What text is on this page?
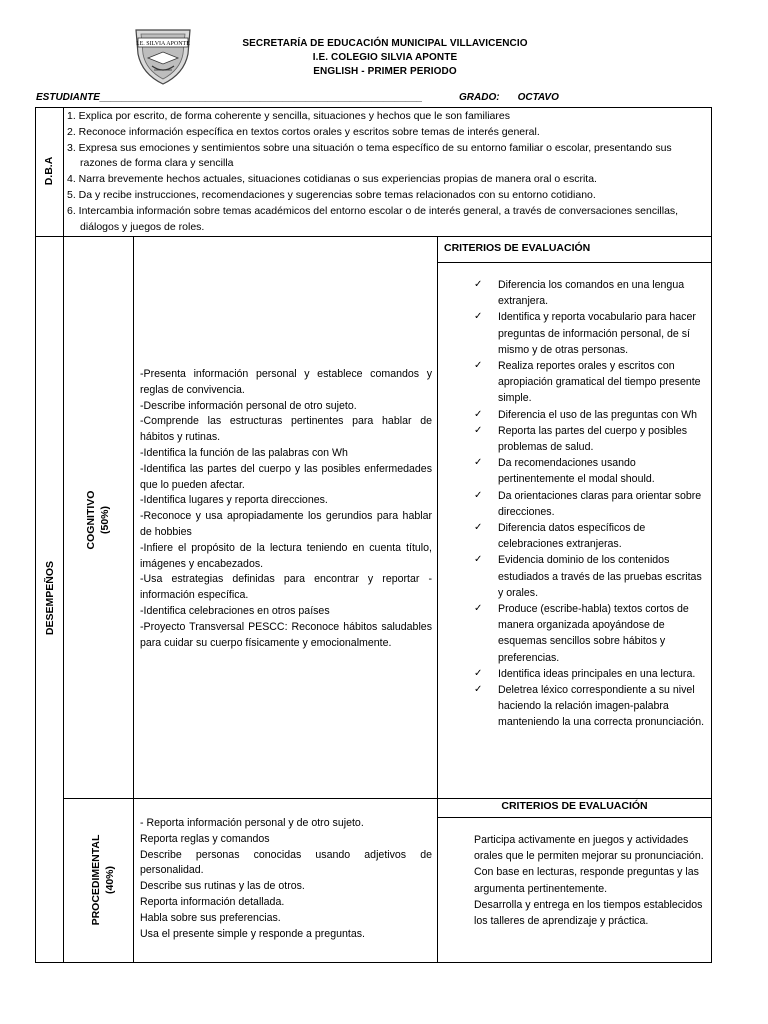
I.E. SILVIA APONTE	SECRETARÍA DE EDUCACIÓN MUNICIPAL VILLAVICENCIO
I.E. COLEGIO SILVIA APONTE
ENGLISH - PRIMER PERIODO
ESTUDIANTE__________________________________________________________	GRADO: OCTAVO
D.B.A
1. Explica por escrito, de forma coherente y sencilla, situaciones y hechos que le son familiares
2. Reconoce información específica en textos cortos orales y escritos sobre temas de interés general.
3. Expresa sus emociones y sentimientos sobre una situación o tema específico de su entorno familiar o escolar, presentando sus razones de forma clara y sencilla
4. Narra brevemente hechos actuales, situaciones cotidianas o sus experiencias propias de manera oral o escrita.
5. Da y recibe instrucciones, recomendaciones y sugerencias sobre temas relacionados con su entorno cotidiano.
6. Intercambia información sobre temas académicos del entorno escolar o de interés general, a través de conversaciones sencillas, diálogos y juegos de roles.
DESEMPEÑOS
COGNITIVO (50%)

-Presenta información personal y establece comandos y reglas de convivencia.

-Describe información personal de otro sujeto.

-Comprende las estructuras pertinentes para hablar de hábitos y rutinas.

-Identifica la función de las palabras con Wh

-Identifica las partes del cuerpo y las posibles enfermedades que lo pueden afectar.

-Identifica lugares y reporta direcciones.

-Reconoce y usa apropiadamente los gerundios para hablar de hobbies

-Infiere el propósito de la lectura teniendo en cuenta título, imágenes y encabezados.

-Usa estrategias definidas para encontrar y reportar - información específica.

-Identifica celebraciones en otros países

-Proyecto Transversal PESCC: Reconoce hábitos saludables para cuidar su cuerpo físicamente y emocionalmente.

CRITERIOS DE EVALUACIÓN
✓ Diferencia los comandos en una lengua extranjera.
✓ Identifica y reporta vocabulario para hacer preguntas de información personal, de sí mismo y de otras personas.
✓ Realiza reportes orales y escritos con apropiación gramatical del tiempo presente simple.
✓ Diferencia el uso de las preguntas con Wh
✓ Reporta las partes del cuerpo y posibles problemas de salud.
✓ Da recomendaciones usando pertinentemente el modal should.
✓ Da orientaciones claras para orientar sobre direcciones.
✓ Diferencia datos específicos de celebraciones extranjeras.
✓ Evidencia dominio de los contenidos estudiados a través de las pruebas escritas y orales.
✓ Produce (escribe-habla) textos cortos de manera organizada apoyándose de esquemas sencillos sobre hábitos y preferencias.
✓ Identifica ideas principales en una lectura.
✓ Deletrea léxico correspondiente a su nivel haciendo la relación imagen-palabra manteniendo la una correcta pronunciación.
PROCEDIMENTAL (40%)

- Reporta información personal y de otro sujeto.

Reporta reglas y comandos

Describe personas conocidas usando adjetivos de personalidad.

Describe sus rutinas y las de otros.

Reporta información detallada.

Habla sobre sus preferencias.

Usa el presente simple y responde a preguntas.

CRITERIOS DE EVALUACIÓN

Participa activamente en juegos y actividades orales que le permiten mejorar su pronunciación.

Con base en lecturas, responde preguntas y las argumenta pertinentemente.

Desarrolla y entrega en los tiempos establecidos los talleres de aprendizaje y práctica.
